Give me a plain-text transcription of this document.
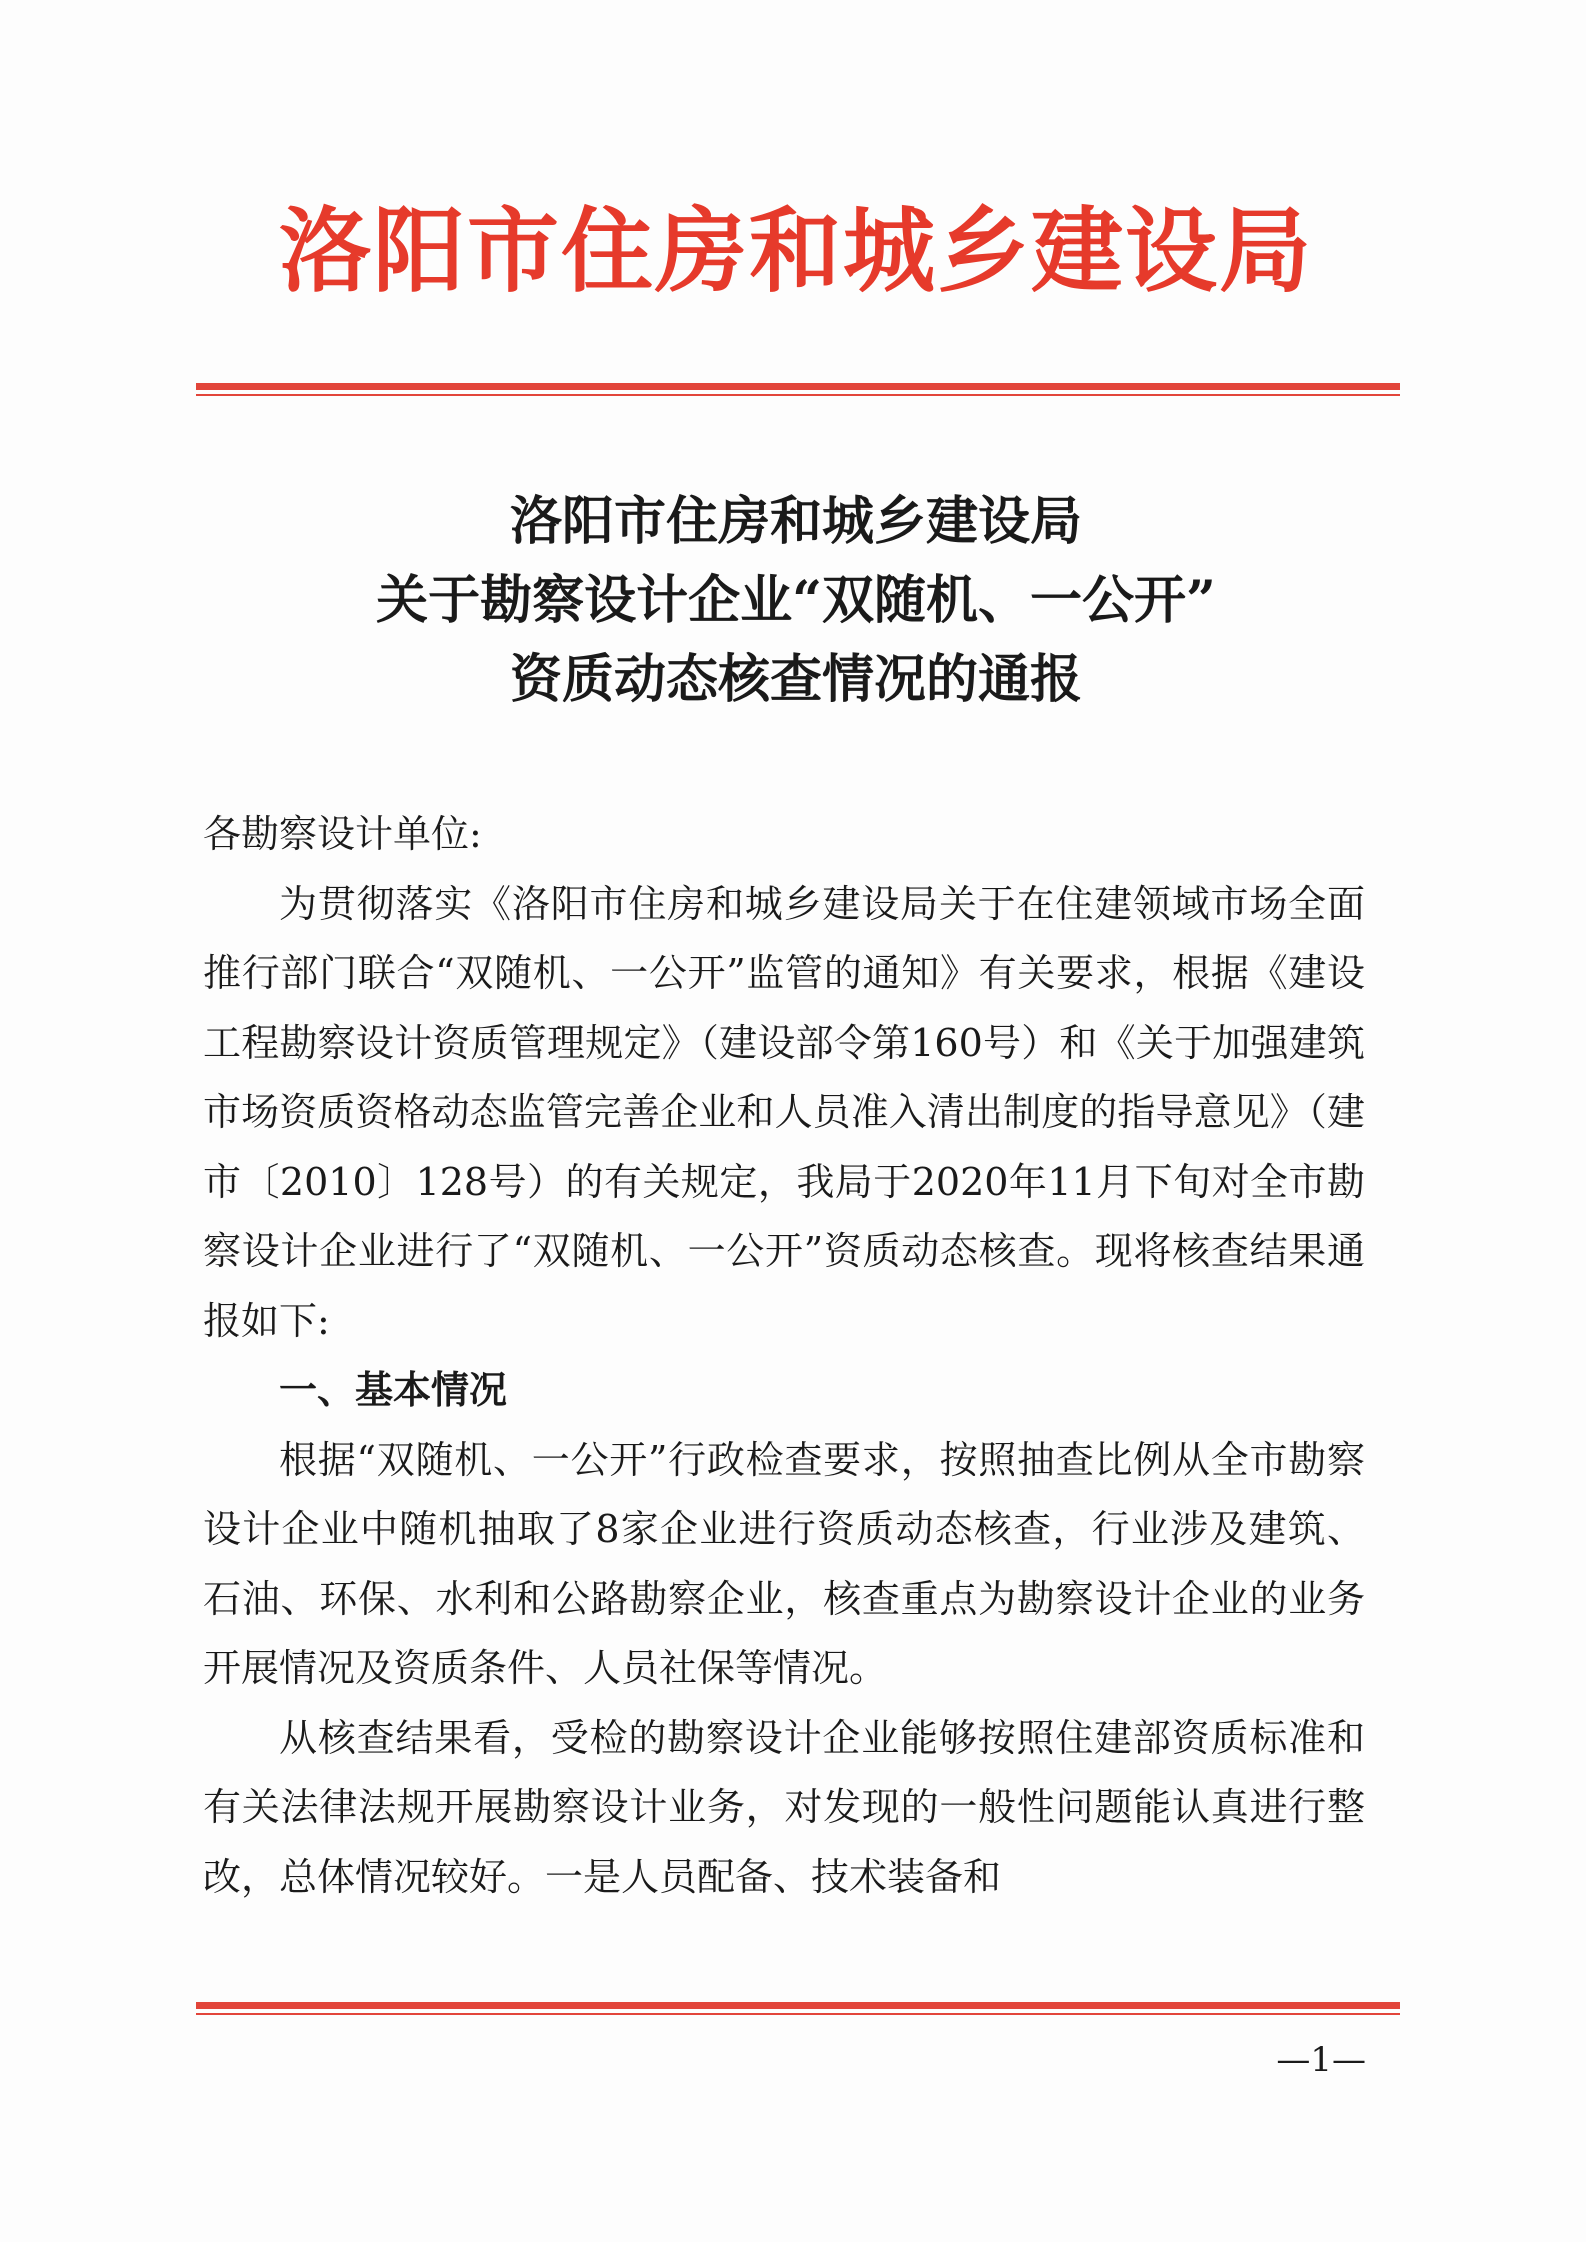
洛阳市住房和城乡建设局
洛阳市住房和城乡建设局
关于勘察设计企业“双随机、一公开”
资质动态核查情况的通报

各勘察设计单位:

为贯彻落实《洛阳市住房和城乡建设局关于在住建领域市场全面推行部门联合“双随机、一公开”监管的通知》有关要求，根据《建设工程勘察设计资质管理规定》（建设部令第160号）和《关于加强建筑市场资质资格动态监管完善企业和人员准入清出制度的指导意见》（建市〔2010〕128号）的有关规定，我局于2020年11月下旬对全市勘察设计企业进行了“双随机、一公开”资质动态核查。现将核查结果通报如下:

一、基本情况

根据“双随机、一公开”行政检查要求，按照抽查比例从全市勘察设计企业中随机抽取了8家企业进行资质动态核查，行业涉及建筑、石油、环保、水利和公路勘察企业，核查重点为勘察设计企业的业务开展情况及资质条件、人员社保等情况。

从核查结果看，受检的勘察设计企业能够按照住建部资质标准和有关法律法规开展勘察设计业务，对发现的一般性问题能认真进行整改，总体情况较好。一是人员配备、技术装备和

—1—
